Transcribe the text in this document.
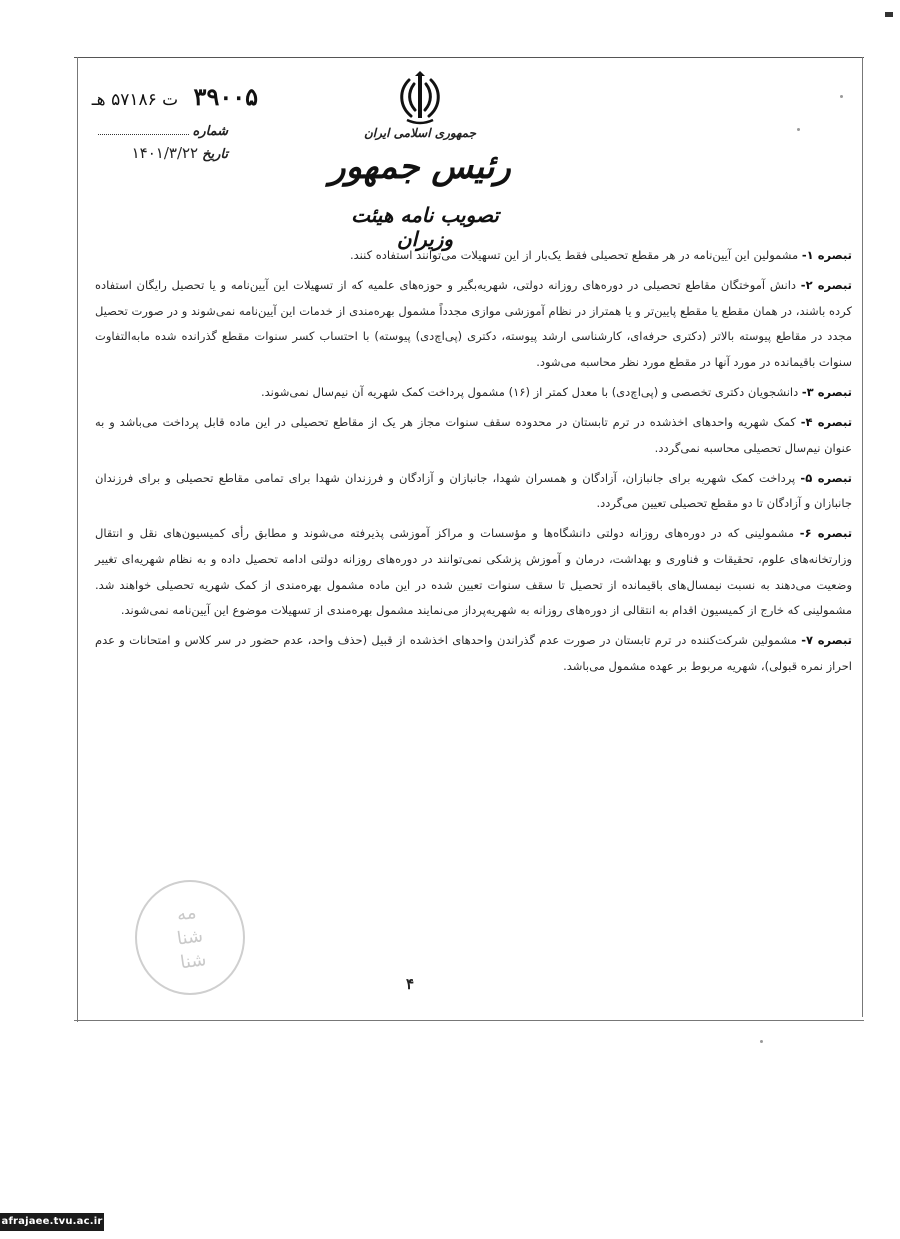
جمهوری اسلامی ایران
رئیس جمهور
تصویب نامه هیئت وزیران
۳۹۰۰۵ ت ۵۷۱۸۶ هـ
شماره
تاریخ
۱۴۰۱/۳/۲۲

تبصره ۱- مشمولین این آیین‌نامه در هر مقطع تحصیلی فقط یک‌بار از این تسهیلات می‌توانند استفاده کنند.

تبصره ۲- دانش آموختگان مقاطع تحصیلی در دوره‌های روزانه دولتی، شهریه‌بگیر و حوزه‌های علمیه که از تسهیلات این آیین‌نامه و یا تحصیل رایگان استفاده کرده باشند، در همان مقطع یا مقطع پایین‌تر و یا همتراز در نظام آموزشی موازی مجدداً مشمول بهره‌مندی از خدمات این آیین‌نامه نمی‌شوند و در صورت تحصیل مجدد در مقاطع پیوسته بالاتر (دکتری حرفه‌ای، کارشناسی ارشد پیوسته، دکتری (پی‌اچ‌دی) پیوسته) با احتساب کسر سنوات مقطع گذرانده شده مابه‌التفاوت سنوات باقیمانده در مورد آنها در مقطع مورد نظر محاسبه می‌شود.

تبصره ۳- دانشجویان دکتری تخصصی و (پی‌اچ‌دی) با معدل کمتر از (۱۶) مشمول پرداخت کمک شهریه آن نیم‌سال نمی‌شوند.

تبصره ۴- کمک شهریه واحدهای اخذشده در ترم تابستان در محدوده سقف سنوات مجاز هر یک از مقاطع تحصیلی در این ماده قابل پرداخت می‌باشد و به عنوان نیم‌سال تحصیلی محاسبه نمی‌گردد.

تبصره ۵- پرداخت کمک شهریه برای جانبازان، آزادگان و همسران شهدا، جانبازان و آزادگان و فرزندان شهدا برای تمامی مقاطع تحصیلی و برای فرزندان جانبازان و آزادگان تا دو مقطع تحصیلی تعیین می‌گردد.

تبصره ۶- مشمولینی که در دوره‌های روزانه دولتی دانشگاه‌ها و مؤسسات و مراکز آموزشی پذیرفته می‌شوند و مطابق رأی کمیسیون‌های نقل و انتقال وزارتخانه‌های علوم، تحقیقات و فناوری و بهداشت، درمان و آموزش پزشکی نمی‌توانند در دوره‌های روزانه دولتی ادامه تحصیل داده و به نظام شهریه‌ای تغییر وضعیت می‌دهند به نسبت نیمسال‌های باقیمانده از تحصیل تا سقف سنوات تعیین شده در این ماده مشمول بهره‌مندی از کمک شهریه تحصیلی خواهند شد. مشمولینی که خارج از کمیسیون اقدام به انتقالی از دوره‌های روزانه به شهریه‌پرداز می‌نمایند مشمول بهره‌مندی از تسهیلات موضوع این آیین‌نامه نمی‌شوند.

تبصره ۷- مشمولین شرکت‌کننده در ترم تابستان در صورت عدم گذراندن واحدهای اخذشده از قبیل (حذف واحد، عدم حضور در سر کلاس و امتحانات و عدم احراز نمره قبولی)، شهریه مربوط بر عهده مشمول می‌باشد.

مه
شنا
شنا
۴
afrajaee.tvu.ac.ir
